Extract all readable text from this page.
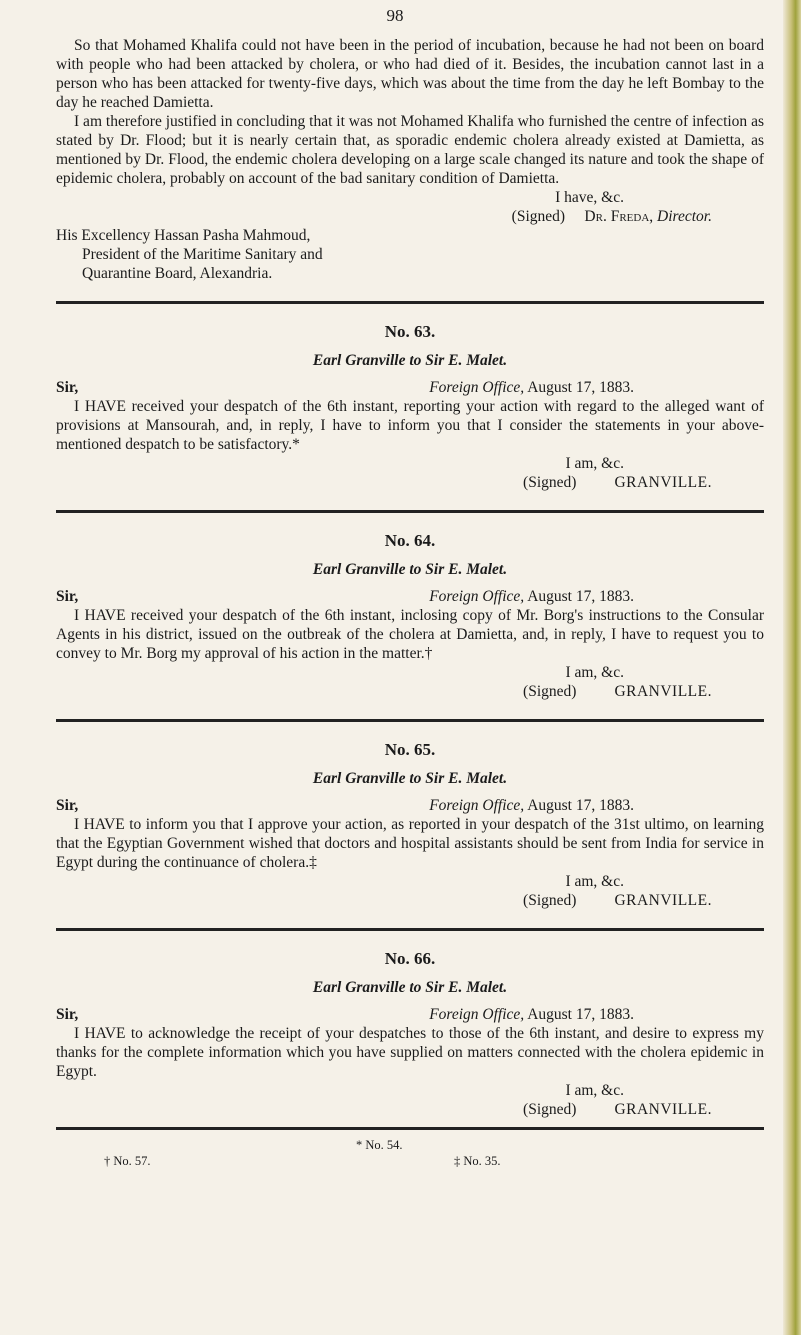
98

So that Mohamed Khalifa could not have been in the period of incubation, because he had not been on board with people who had been attacked by cholera, or who had died of it. Besides, the incubation cannot last in a person who has been attacked for twenty-five days, which was about the time from the day he left Bombay to the day he reached Damietta.

I am therefore justified in concluding that it was not Mohamed Khalifa who furnished the centre of infection as stated by Dr. Flood; but it is nearly certain that, as sporadic endemic cholera already existed at Damietta, as mentioned by Dr. Flood, the endemic cholera developing on a large scale changed its nature and took the shape of epidemic cholera, probably on account of the bad sanitary condition of Damietta.

I have, &c.
(Signed) Dr. Freda, Director.
His Excellency Hassan Pasha Mahmoud,
President of the Maritime Sanitary and
Quarantine Board, Alexandria.
No. 63.
Earl Granville to Sir E. Malet.
Sir,	Foreign Office, August 17, 1883.

I HAVE received your despatch of the 6th instant, reporting your action with regard to the alleged want of provisions at Mansourah, and, in reply, I have to inform you that I consider the statements in your above-mentioned despatch to be satisfactory.*

I am, &c.
(Signed) GRANVILLE.
No. 64.
Earl Granville to Sir E. Malet.
Sir,	Foreign Office, August 17, 1883.

I HAVE received your despatch of the 6th instant, inclosing copy of Mr. Borg's instructions to the Consular Agents in his district, issued on the outbreak of the cholera at Damietta, and, in reply, I have to request you to convey to Mr. Borg my approval of his action in the matter.†

I am, &c.
(Signed) GRANVILLE.
No. 65.
Earl Granville to Sir E. Malet.
Sir,	Foreign Office, August 17, 1883.

I HAVE to inform you that I approve your action, as reported in your despatch of the 31st ultimo, on learning that the Egyptian Government wished that doctors and hospital assistants should be sent from India for service in Egypt during the continuance of cholera.‡

I am, &c.
(Signed) GRANVILLE.
No. 66.
Earl Granville to Sir E. Malet.
Sir,	Foreign Office, August 17, 1883.

I HAVE to acknowledge the receipt of your despatches to those of the 6th instant, and desire to express my thanks for the complete information which you have supplied on matters connected with the cholera epidemic in Egypt.

I am, &c.
(Signed) GRANVILLE.
* No. 54.
† No. 57.	‡ No. 35.
